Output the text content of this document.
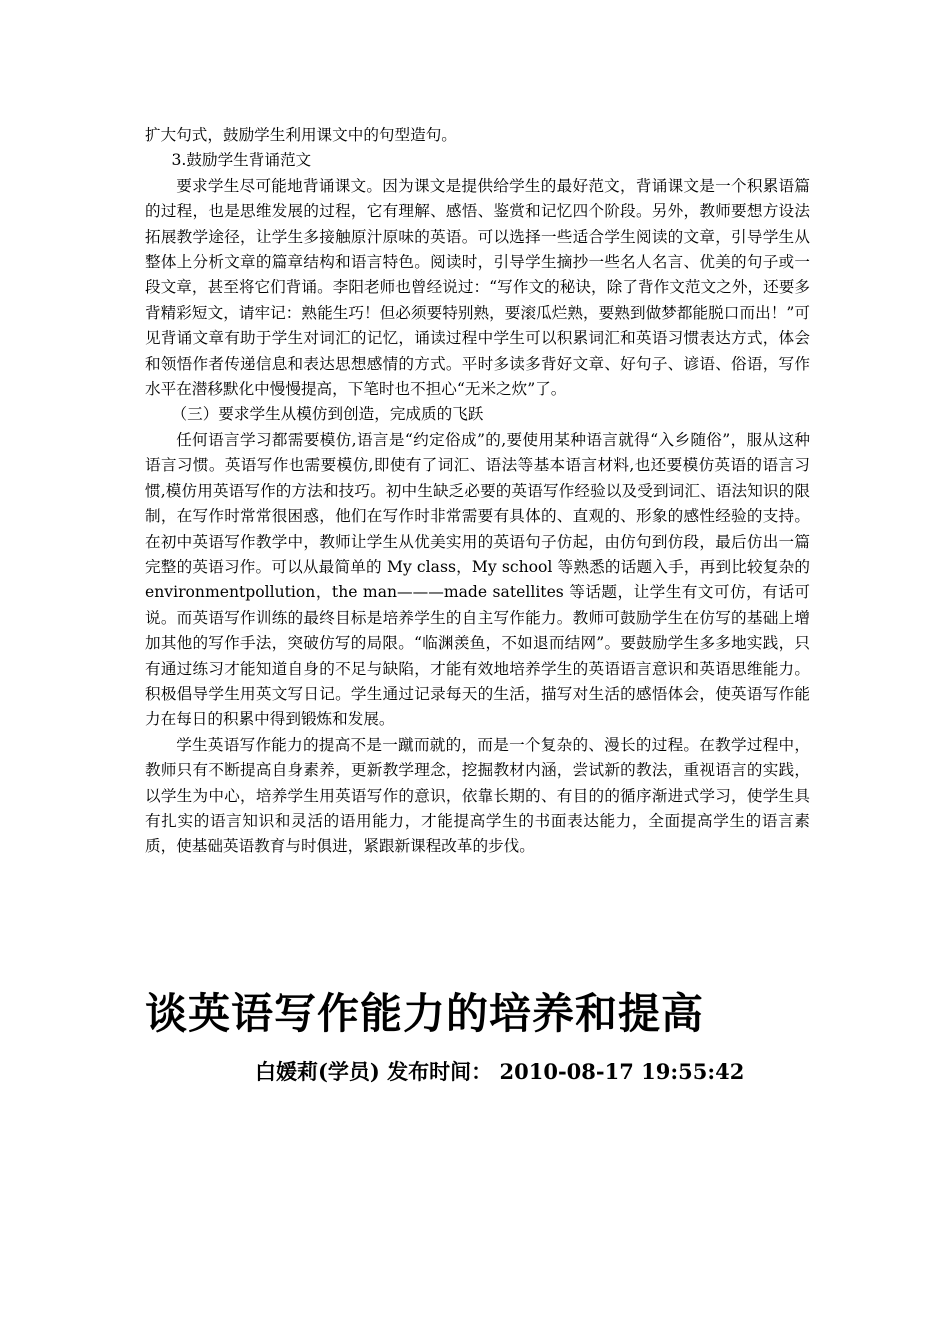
扩大句式，鼓励学生利用课文中的句型造句。

3.鼓励学生背诵范文

要求学生尽可能地背诵课文。因为课文是提供给学生的最好范文，背诵课文是一个积累语篇的过程，也是思维发展的过程，它有理解、感悟、鉴赏和记忆四个阶段。另外，教师要想方设法拓展教学途径，让学生多接触原汁原味的英语。可以选择一些适合学生阅读的文章，引导学生从整体上分析文章的篇章结构和语言特色。阅读时，引导学生摘抄一些名人名言、优美的句子或一段文章，甚至将它们背诵。李阳老师也曾经说过：“写作文的秘诀，除了背作文范文之外，还要多背精彩短文，请牢记：熟能生巧！但必须要特别熟，要滚瓜烂熟，要熟到做梦都能脱口而出！”可见背诵文章有助于学生对词汇的记忆，诵读过程中学生可以积累词汇和英语习惯表达方式，体会和领悟作者传递信息和表达思想感情的方式。平时多读多背好文章、好句子、谚语、俗语，写作水平在潜移默化中慢慢提高，下笔时也不担心“无米之炊”了。

（三）要求学生从模仿到创造，完成质的飞跃

任何语言学习都需要模仿,语言是“约定俗成”的,要使用某种语言就得“入乡随俗”，服从这种语言习惯。英语写作也需要模仿,即使有了词汇、语法等基本语言材料,也还要模仿英语的语言习惯,模仿用英语写作的方法和技巧。初中生缺乏必要的英语写作经验以及受到词汇、语法知识的限制，在写作时常常很困惑，他们在写作时非常需要有具体的、直观的、形象的感性经验的支持。在初中英语写作教学中，教师让学生从优美实用的英语句子仿起，由仿句到仿段，最后仿出一篇完整的英语习作。可以从最简单的 My class，My school 等熟悉的话题入手，再到比较复杂的 environmentpollution，the man———made satellites 等话题，让学生有文可仿，有话可说。而英语写作训练的最终目标是培养学生的自主写作能力。教师可鼓励学生在仿写的基础上增加其他的写作手法，突破仿写的局限。“临渊羡鱼，不如退而结网”。要鼓励学生多多地实践，只有通过练习才能知道自身的不足与缺陷，才能有效地培养学生的英语语言意识和英语思维能力。积极倡导学生用英文写日记。学生通过记录每天的生活，描写对生活的感悟体会，使英语写作能力在每日的积累中得到锻炼和发展。

学生英语写作能力的提高不是一蹴而就的，而是一个复杂的、漫长的过程。在教学过程中，教师只有不断提高自身素养，更新教学理念，挖掘教材内涵，尝试新的教法，重视语言的实践，以学生为中心，培养学生用英语写作的意识，依靠长期的、有目的的循序渐进式学习，使学生具有扎实的语言知识和灵活的语用能力，才能提高学生的书面表达能力，全面提高学生的语言素质，使基础英语教育与时俱进，紧跟新课程改革的步伐。

谈英语写作能力的培养和提高

白媛莉(学员) 发布时间： 2010-08-17 19:55:42
